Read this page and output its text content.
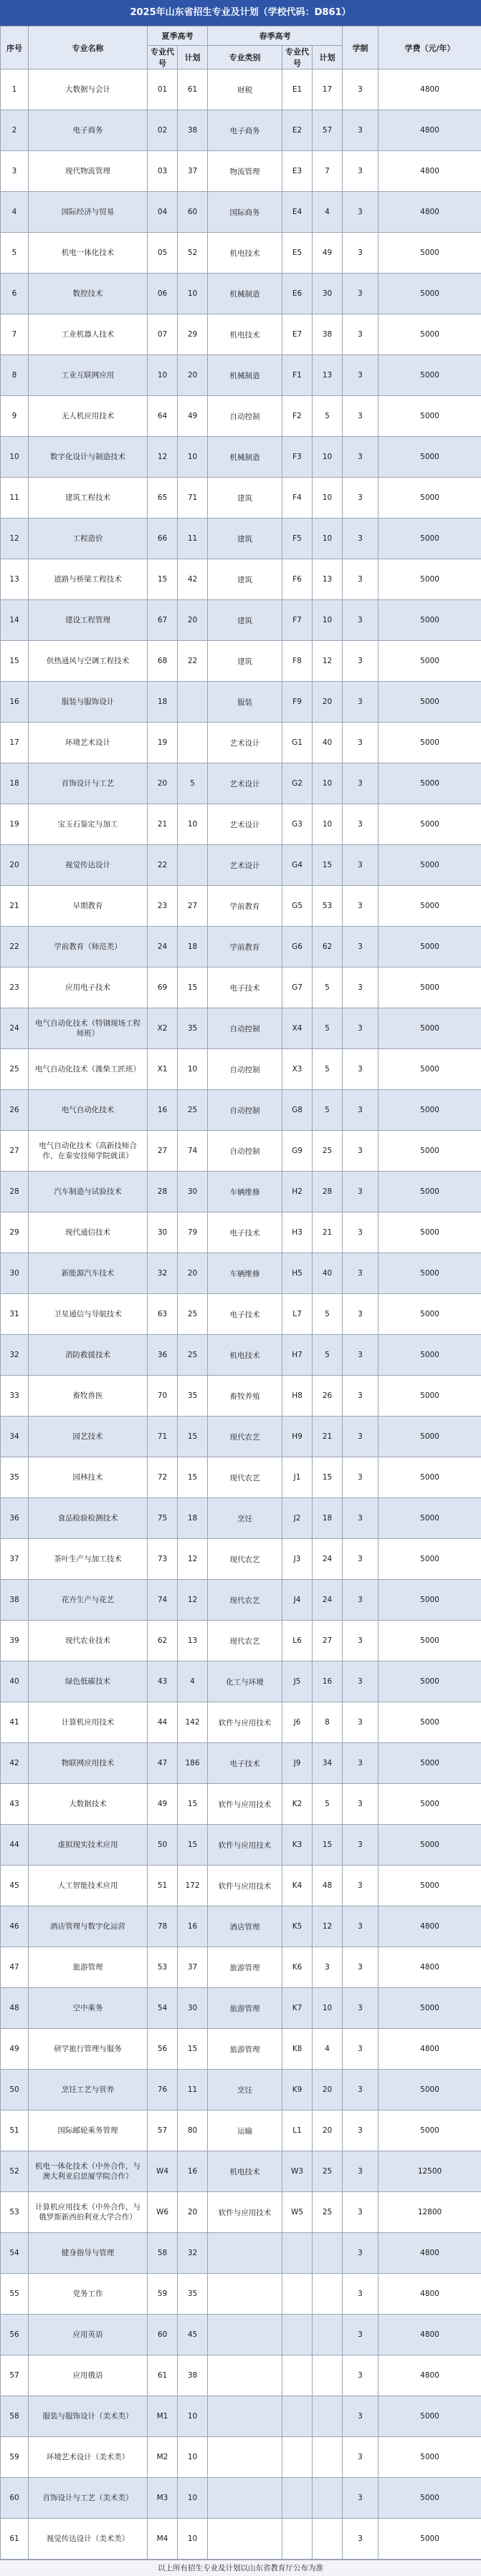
2025年山东省招生专业及计划（学校代码：D861）
序号	专业名称	夏季高考		春季高考			学制	学费（元/年）
		专业代号	计划	专业类别	专业代号	计划		
1	大数据与会计	01	61	财税	E1	17	3	4800
2	电子商务	02	38	电子商务	E2	57	3	4800
3	现代物流管理	03	37	物流管理	E3	7	3	4800
4	国际经济与贸易	04	60	国际商务	E4	4	3	4800
5	机电一体化技术	05	52	机电技术	E5	49	3	5000
6	数控技术	06	10	机械制造	E6	30	3	5000
7	工业机器人技术	07	29	机电技术	E7	38	3	5000
8	工业互联网应用	10	20	机械制造	F1	13	3	5000
9	无人机应用技术	64	49	自动控制	F2	5	3	5000
10	数字化设计与制造技术	12	10	机械制造	F3	10	3	5000
11	建筑工程技术	65	71	建筑	F4	10	3	5000
12	工程造价	66	11	建筑	F5	10	3	5000
13	道路与桥梁工程技术	15	42	建筑	F6	13	3	5000
14	建设工程管理	67	20	建筑	F7	10	3	5000
15	供热通风与空调工程技术	68	22	建筑	F8	12	3	5000
16	服装与服饰设计	18		服装	F9	20	3	5000
17	环境艺术设计	19		艺术设计	G1	40	3	5000
18	首饰设计与工艺	20	5	艺术设计	G2	10	3	5000
19	宝玉石鉴定与加工	21	10	艺术设计	G3	10	3	5000
20	视觉传达设计	22		艺术设计	G4	15	3	5000
21	早期教育	23	27	学前教育	G5	53	3	5000
22	学前教育（师范类）	24	18	学前教育	G6	62	3	5000
23	应用电子技术	69	15	电子技术	G7	5	3	5000
24	电气自动化技术（特钢现场工程师班）	X2	35	自动控制	X4	5	3	5000
25	电气自动化技术（潍柴工匠班）	X1	10	自动控制	X3	5	3	5000
26	电气自动化技术	16	25	自动控制	G8	5	3	5000
27	电气自动化技术（高新技师合作，在泰安技师学院就读）	27	74	自动控制	G9	25	3	5000
28	汽车制造与试验技术	28	30	车辆维修	H2	28	3	5000
29	现代通信技术	30	79	电子技术	H3	21	3	5000
30	新能源汽车技术	32	20	车辆维修	H5	40	3	5000
31	卫星通信与导航技术	63	25	电子技术	L7	5	3	5000
32	消防救援技术	36	25	机电技术	H7	5	3	5000
33	畜牧兽医	70	35	畜牧养殖	H8	26	3	5000
34	园艺技术	71	15	现代农艺	H9	21	3	5000
35	园林技术	72	15	现代农艺	J1	15	3	5000
36	食品检验检测技术	75	18	烹饪	J2	18	3	5000
37	茶叶生产与加工技术	73	12	现代农艺	J3	24	3	5000
38	花卉生产与花艺	74	12	现代农艺	J4	24	3	5000
39	现代农业技术	62	13	现代农艺	L6	27	3	5000
40	绿色低碳技术	43	4	化工与环境	J5	16	3	5000
41	计算机应用技术	44	142	软件与应用技术	J6	8	3	5000
42	物联网应用技术	47	186	电子技术	J9	34	3	5000
43	大数据技术	49	15	软件与应用技术	K2	5	3	5000
44	虚拟现实技术应用	50	15	软件与应用技术	K3	15	3	5000
45	人工智能技术应用	51	172	软件与应用技术	K4	48	3	5000
46	酒店管理与数字化运营	78	16	酒店管理	K5	12	3	4800
47	旅游管理	53	37	旅游管理	K6	3	3	4800
48	空中乘务	54	30	旅游管理	K7	10	3	5000
49	研学旅行管理与服务	56	15	旅游管理	K8	4	3	4800
50	烹饪工艺与营养	76	11	烹饪	K9	20	3	5000
51	国际邮轮乘务管理	57	80	运输	L1	20	3	5000
52	机电一体化技术（中外合作，与澳大利亚启思厦学院合作）	W4	16	机电技术	W3	25	3	12500
53	计算机应用技术（中外合作，与俄罗斯新西伯利亚大学合作）	W6	20	软件与应用技术	W5	25	3	12800
54	健身指导与管理	58	32				3	4800
55	党务工作	59	35				3	4800
56	应用英语	60	45				3	4800
57	应用俄语	61	38				3	4800
58	服装与服饰设计（美术类）	M1	10				3	5000
59	环境艺术设计（美术类）	M2	10				3	5000
60	首饰设计与工艺（美术类）	M3	10				3	5000
61	视觉传达设计（美术类）	M4	10				3	5000
以上所有招生专业及计划以山东省教育厅公布为准
